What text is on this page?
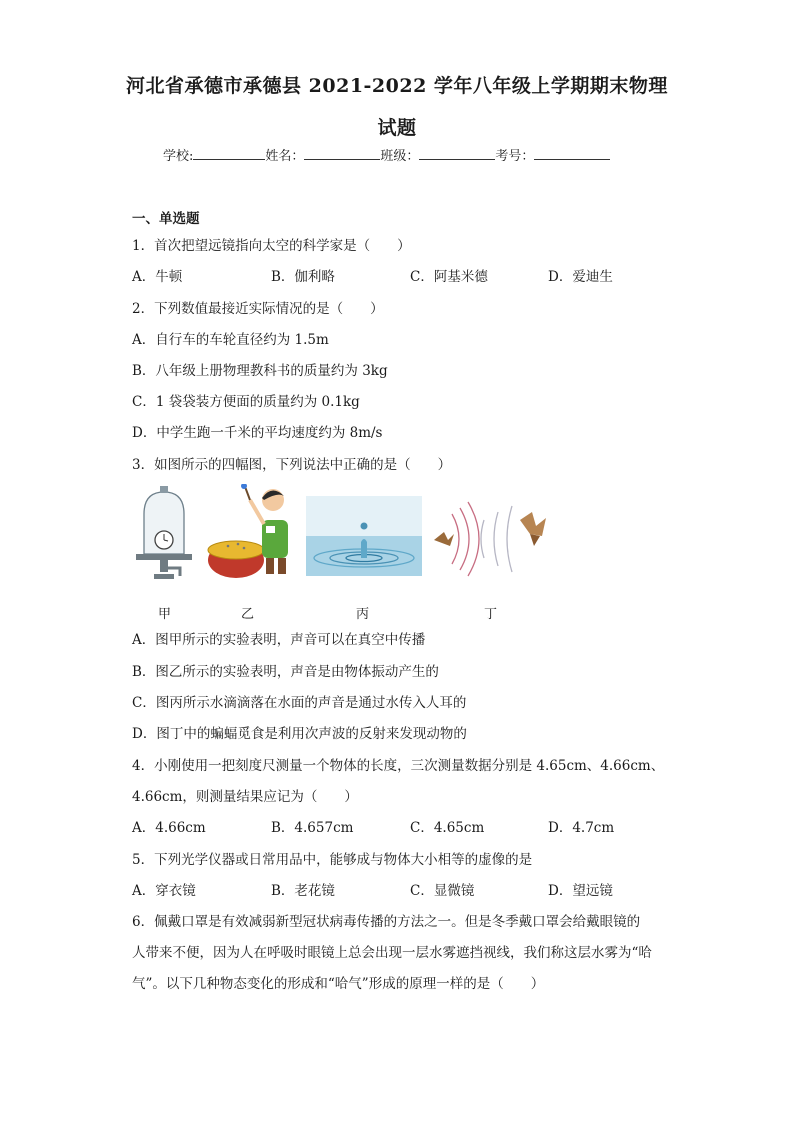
河北省承德市承德县 2021-2022 学年八年级上学期期末物理
试题
学校:	姓名：	班级：	考号：
一、单选题
1．首次把望远镜指向太空的科学家是（　　）
A．牛顿	B．伽利略	C．阿基米德	D．爱迪生
2．下列数值最接近实际情况的是（　　）
A．自行车的车轮直径约为 1.5m
B．八年级上册物理教科书的质量约为 3kg
C．1 袋袋装方便面的质量约为 0.1kg
D．中学生跑一千米的平均速度约为 8m/s
3．如图所示的四幅图，下列说法中正确的是（　　）
甲	乙	丙	丁
A．图甲所示的实验表明，声音可以在真空中传播
B．图乙所示的实验表明，声音是由物体振动产生的
C．图丙所示水滴滴落在水面的声音是通过水传入人耳的
D．图丁中的蝙蝠觅食是利用次声波的反射来发现动物的
4．小刚使用一把刻度尺测量一个物体的长度，三次测量数据分别是 4.65cm、4.66cm、
4.66cm，则测量结果应记为（　　）
A．4.66cm	B．4.657cm	C．4.65cm	D．4.7cm
5．下列光学仪器或日常用品中，能够成与物体大小相等的虚像的是
A．穿衣镜	B．老花镜	C．显微镜	D．望远镜
6．佩戴口罩是有效减弱新型冠状病毒传播的方法之一。但是冬季戴口罩会给戴眼镜的
人带来不便，因为人在呼吸时眼镜上总会出现一层水雾遮挡视线，我们称这层水雾为“哈
气”。以下几种物态变化的形成和“哈气”形成的原理一样的是（　　）
